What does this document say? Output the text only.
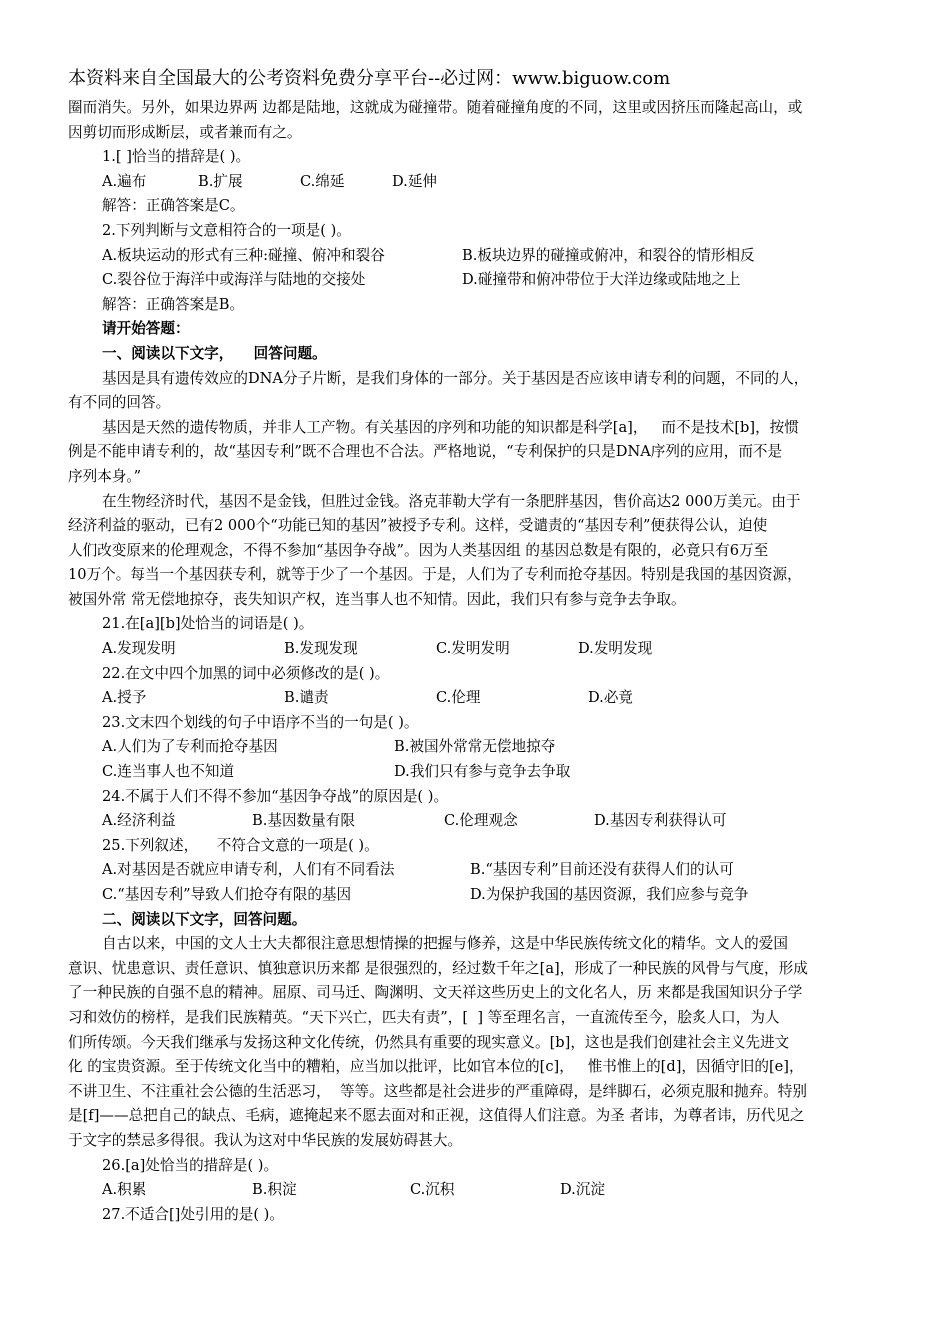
本资料来自全国最大的公考资料免费分享平台--必过网：www.biguow.com
圈而消失。另外，如果边界两 边都是陆地，这就成为碰撞带。随着碰撞角度的不同，这里或因挤压而隆起高山，或
因剪切而形成断层，或者兼而有之。
1.[ ]恰当的措辞是( )。
A.遍布	B.扩展	C.绵延	D.延伸
解答：正确答案是C。
2.下列判断与文意相符合的一项是( )。
A.板块运动的形式有三种:碰撞、俯冲和裂谷	B.板块边界的碰撞或俯冲，和裂谷的情形相反
C.裂谷位于海洋中或海洋与陆地的交接处	D.碰撞带和俯冲带位于大洋边缘或陆地之上
解答：正确答案是B。
请开始答题：
一、阅读以下文字，    回答问题。
基因是具有遗传效应的DNA分子片断，是我们身体的一部分。关于基因是否应该申请专利的问题，不同的人，
有不同的回答。
基因是天然的遗传物质，并非人工产物。有关基因的序列和功能的知识都是科学[a]，   而不是技术[b]，按惯
例是不能申请专利的，故“基因专利”既不合理也不合法。严格地说，“专利保护的只是DNA序列的应用，而不是
序列本身。”
在生物经济时代，基因不是金钱，但胜过金钱。洛克菲勒大学有一条肥胖基因，售价高达2 000万美元。由于
经济利益的驱动，已有2 000个“功能已知的基因”被授予专利。这样，受谴责的“基因专利”便获得公认，迫使
人们改变原来的伦理观念，不得不参加“基因争夺战”。因为人类基因组 的基因总数是有限的，必竟只有6万至
10万个。每当一个基因获专利，就等于少了一个基因。于是，人们为了专利而抢夺基因。特别是我国的基因资源，
被国外常 常无偿地掠夺，丧失知识产权，连当事人也不知情。因此，我们只有参与竞争去争取。
21.在[a][b]处恰当的词语是( )。
A.发现发明	B.发现发现	C.发明发明	D.发明发现
22.在文中四个加黑的词中必须修改的是( )。
A.授予	B.谴责	C.伦理	D.必竟
23.文末四个划线的句子中语序不当的一句是( )。
A.人们为了专利而抢夺基因	B.被国外常常无偿地掠夺
C.连当事人也不知道	D.我们只有参与竞争去争取
24.不属于人们不得不参加“基因争夺战”的原因是( )。
A.经济利益	B.基因数量有限	C.伦理观念	D.基因专利获得认可
25.下列叙述，    不符合文意的一项是( )。
A.对基因是否就应申请专利，人们有不同看法	B.“基因专利”目前还没有获得人们的认可
C.“基因专利”导致人们抢夺有限的基因	D.为保护我国的基因资源，我们应参与竞争
二、阅读以下文字，回答问题。
自古以来，中国的文人士大夫都很注意思想情操的把握与修养，这是中华民族传统文化的精华。文人的爱国
意识、忧患意识、责任意识、慎独意识历来都 是很强烈的，经过数千年之[a]，形成了一种民族的风骨与气度，形成
了一种民族的自强不息的精神。屈原、司马迁、陶渊明、文天祥这些历史上的文化名人，历 来都是我国知识分子学
习和效仿的榜样，是我们民族精英。“天下兴亡，匹夫有责”，[  ] 等至理名言，一直流传至今，脍炙人口，为人
们所传颂。今天我们继承与发扬这种文化传统，仍然具有重要的现实意义。[b]，这也是我们创建社会主义先进文
化 的宝贵资源。至于传统文化当中的糟粕，应当加以批评，比如官本位的[c]，   惟书惟上的[d]，因循守旧的[e]，
不讲卫生、不注重社会公德的生活恶习，  等等。这些都是社会进步的严重障碍，是绊脚石，必须克服和抛弃。特别
是[f]——总把自己的缺点、毛病，遮掩起来不愿去面对和正视，这值得人们注意。为圣 者讳，为尊者讳，历代见之
于文字的禁忌多得很。我认为这对中华民族的发展妨碍甚大。
26.[a]处恰当的措辞是( )。
A.积累	B.积淀	C.沉积	D.沉淀
27.不适合[]处引用的是( )。
